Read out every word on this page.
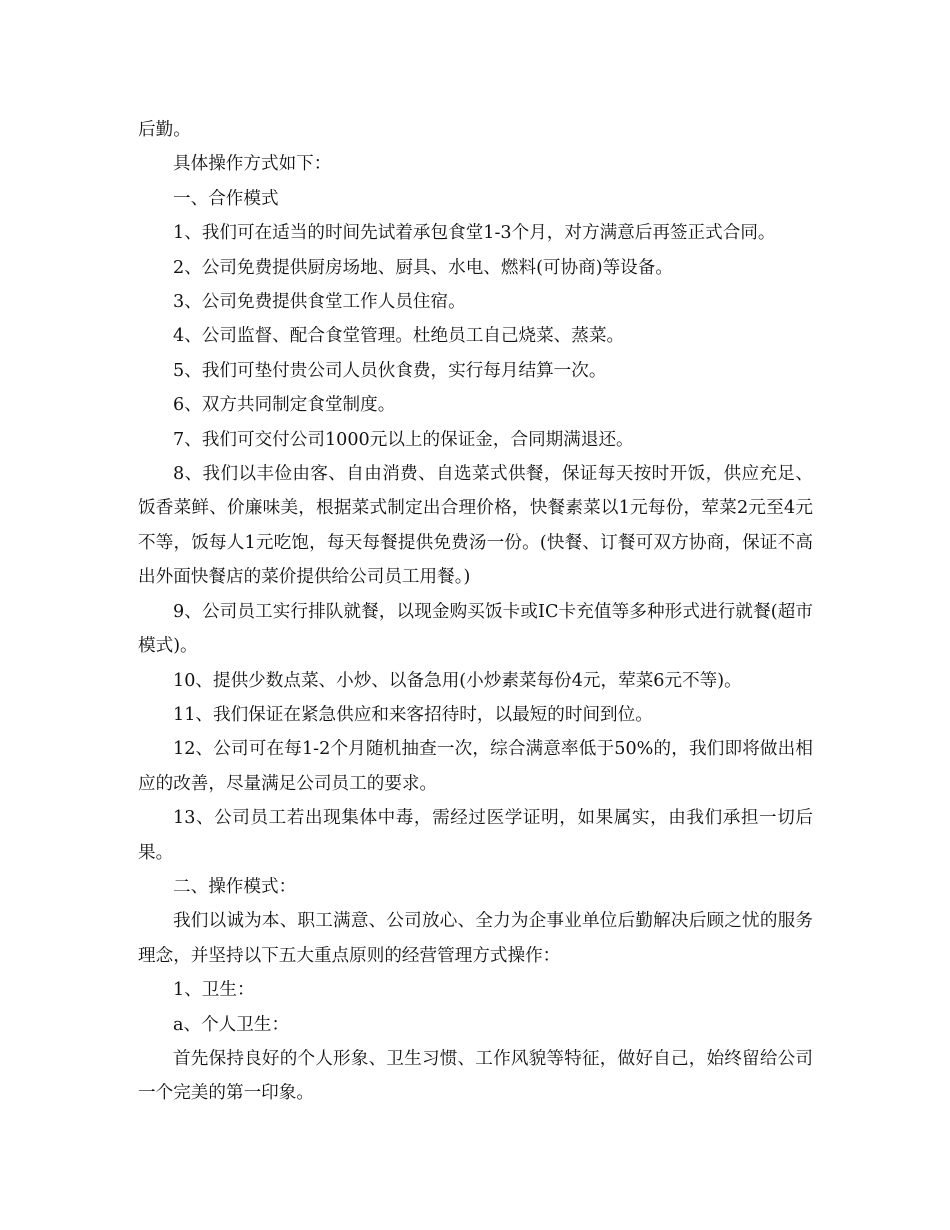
后勤。

具体操作方式如下：

一、合作模式

1、我们可在适当的时间先试着承包食堂1-3个月，对方满意后再签正式合同。

2、公司免费提供厨房场地、厨具、水电、燃料(可协商)等设备。

3、公司免费提供食堂工作人员住宿。

4、公司监督、配合食堂管理。杜绝员工自己烧菜、蒸菜。

5、我们可垫付贵公司人员伙食费，实行每月结算一次。

6、双方共同制定食堂制度。

7、我们可交付公司1000元以上的保证金，合同期满退还。

8、我们以丰俭由客、自由消费、自选菜式供餐，保证每天按时开饭，供应充足、饭香菜鲜、价廉味美，根据菜式制定出合理价格，快餐素菜以1元每份，荤菜2元至4元不等，饭每人1元吃饱，每天每餐提供免费汤一份。(快餐、订餐可双方协商，保证不高出外面快餐店的菜价提供给公司员工用餐。)

9、公司员工实行排队就餐，以现金购买饭卡或IC卡充值等多种形式进行就餐(超市模式)。

10、提供少数点菜、小炒、以备急用(小炒素菜每份4元，荤菜6元不等)。

11、我们保证在紧急供应和来客招待时，以最短的时间到位。

12、公司可在每1-2个月随机抽查一次，综合满意率低于50%的，我们即将做出相应的改善，尽量满足公司员工的要求。

13、公司员工若出现集体中毒，需经过医学证明，如果属实，由我们承担一切后果。

二、操作模式：

我们以诚为本、职工满意、公司放心、全力为企事业单位后勤解决后顾之忧的服务理念，并坚持以下五大重点原则的经营管理方式操作：

1、卫生：

a、个人卫生：

首先保持良好的个人形象、卫生习惯、工作风貌等特征，做好自己，始终留给公司一个完美的第一印象。
